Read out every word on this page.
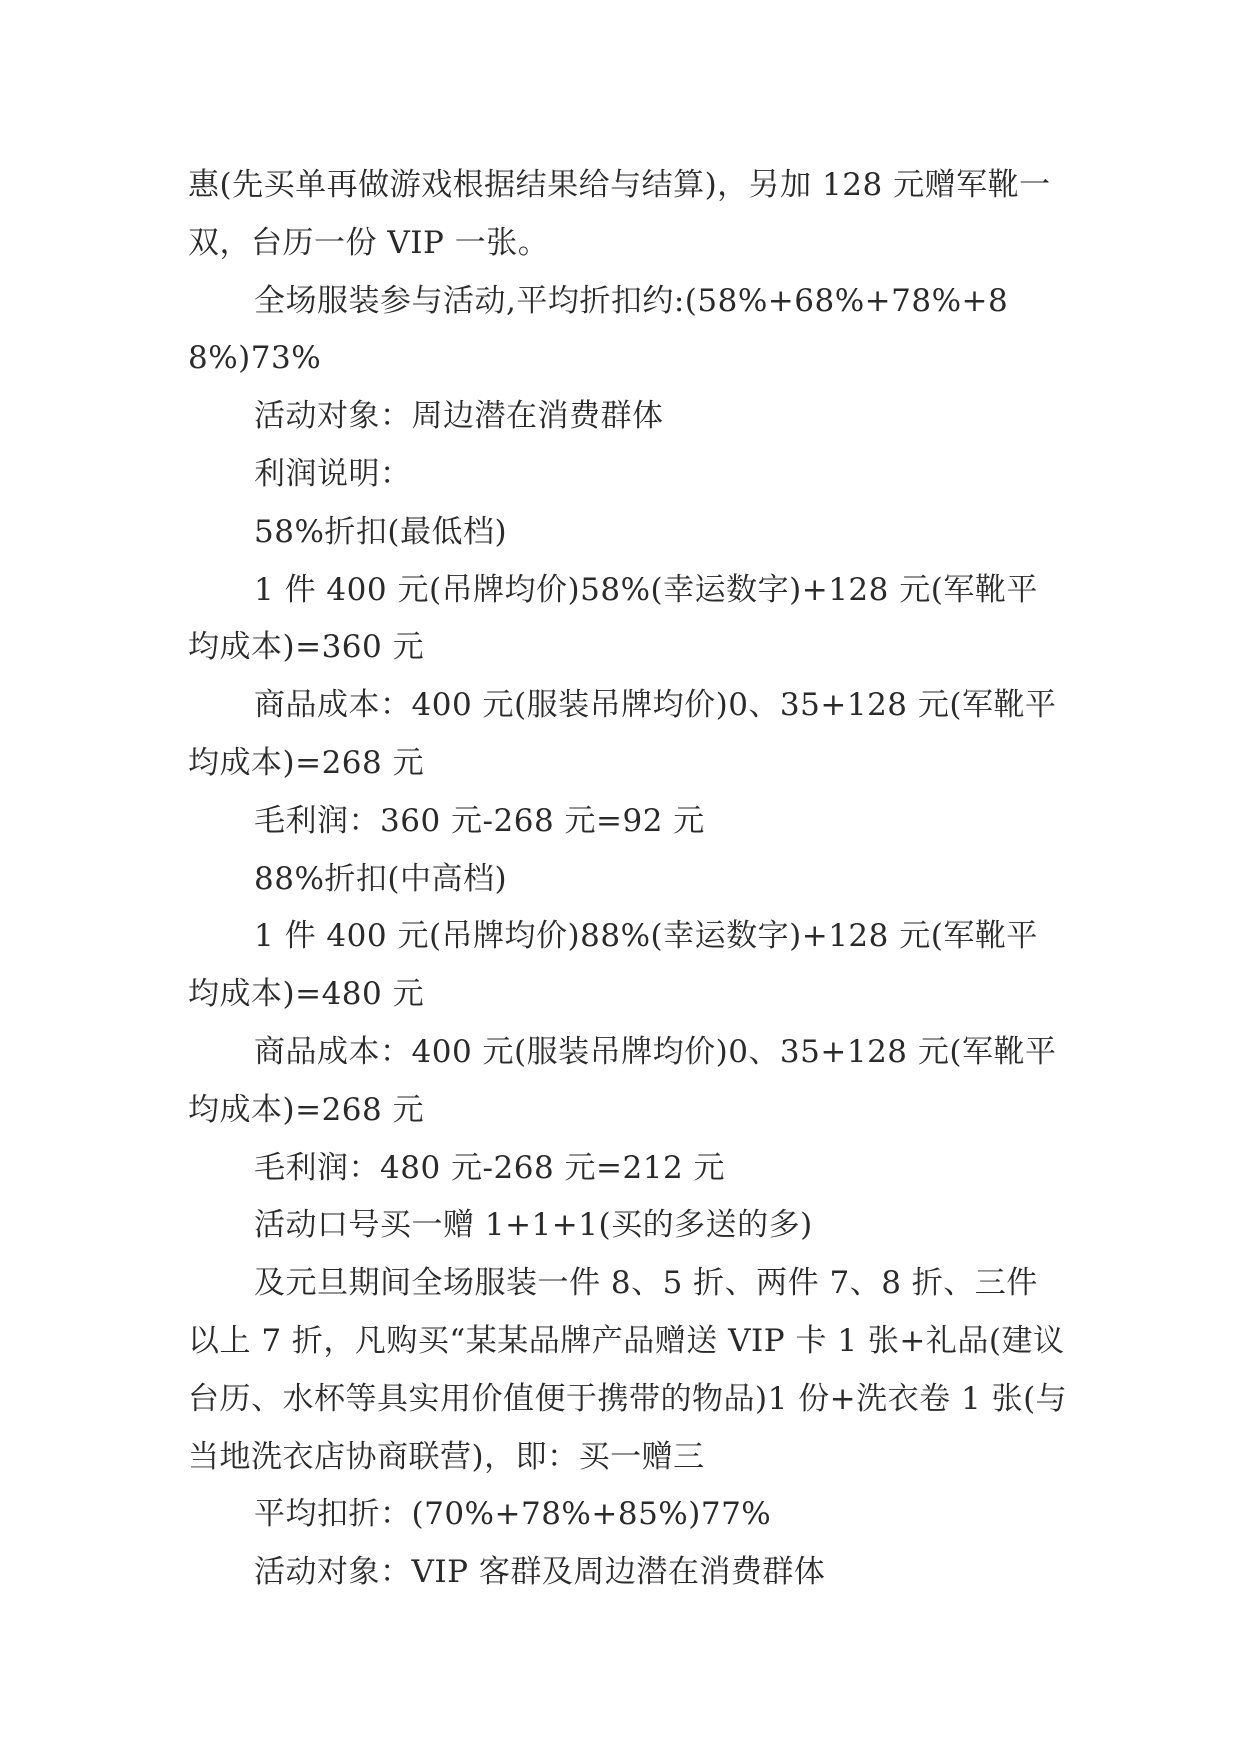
惠(先买单再做游戏根据结果给与结算)，另加 128 元赠军靴一双，台历一份 VIP 一张。

全场服装参与活动,平均折扣约:(58%+68%+78%+88%)73%

活动对象：周边潜在消费群体

利润说明：

58%折扣(最低档)

1 件 400 元(吊牌均价)58%(幸运数字)+128 元(军靴平均成本)=360 元

商品成本：400 元(服装吊牌均价)0、35+128 元(军靴平均成本)=268 元

毛利润：360 元-268 元=92 元

88%折扣(中高档)

1 件 400 元(吊牌均价)88%(幸运数字)+128 元(军靴平均成本)=480 元

商品成本：400 元(服装吊牌均价)0、35+128 元(军靴平均成本)=268 元

毛利润：480 元-268 元=212 元

活动口号买一赠 1+1+1(买的多送的多)

及元旦期间全场服装一件 8、5 折、两件 7、8 折、三件以上 7 折，凡购买“某某品牌产品赠送 VIP 卡 1 张+礼品(建议台历、水杯等具实用价值便于携带的物品)1 份+洗衣卷 1 张(与当地洗衣店协商联营)，即：买一赠三

平均扣折：(70%+78%+85%)77%

活动对象：VIP 客群及周边潜在消费群体
